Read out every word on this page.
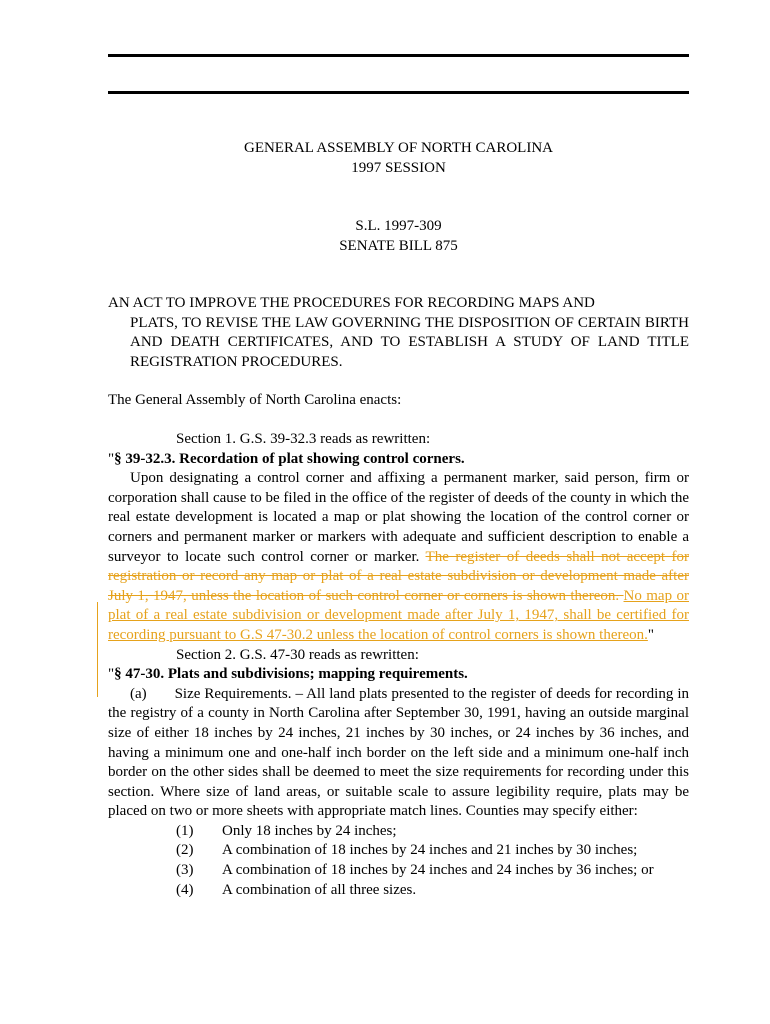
GENERAL ASSEMBLY OF NORTH CAROLINA
1997 SESSION
S.L. 1997-309
SENATE BILL 875
AN ACT TO IMPROVE THE PROCEDURES FOR RECORDING MAPS AND
PLATS, TO REVISE THE LAW GOVERNING THE DISPOSITION OF CERTAIN BIRTH AND DEATH CERTIFICATES, AND TO ESTABLISH A STUDY OF LAND TITLE REGISTRATION PROCEDURES.
The General Assembly of North Carolina enacts:

Section 1. G.S. 39-32.3 reads as rewritten:

"§ 39-32.3. Recordation of plat showing control corners.

Upon designating a control corner and affixing a permanent marker, said person, firm or corporation shall cause to be filed in the office of the register of deeds of the county in which the real estate development is located a map or plat showing the location of the control corner or corners and permanent marker or markers with adequate and sufficient description to enable a surveyor to locate such control corner or marker. The register of deeds shall not accept for registration or record any map or plat of a real estate subdivision or development made after July 1, 1947, unless the location of such control corner or corners is shown thereon. No map or plat of a real estate subdivision or development made after July 1, 1947, shall be certified for recording pursuant to G.S 47-30.2 unless the location of control corners is shown thereon."

Section 2. G.S. 47-30 reads as rewritten:

"§ 47-30. Plats and subdivisions; mapping requirements.

(a) Size Requirements. – All land plats presented to the register of deeds for recording in the registry of a county in North Carolina after September 30, 1991, having an outside marginal size of either 18 inches by 24 inches, 21 inches by 30 inches, or 24 inches by 36 inches, and having a minimum one and one-half inch border on the left side and a minimum one-half inch border on the other sides shall be deemed to meet the size requirements for recording under this section. Where size of land areas, or suitable scale to assure legibility require, plats may be placed on two or more sheets with appropriate match lines. Counties may specify either:

(1)	Only 18 inches by 24 inches;
(2)	A combination of 18 inches by 24 inches and 21 inches by 30 inches;
(3)	A combination of 18 inches by 24 inches and 24 inches by 36 inches; or
(4)	A combination of all three sizes.
